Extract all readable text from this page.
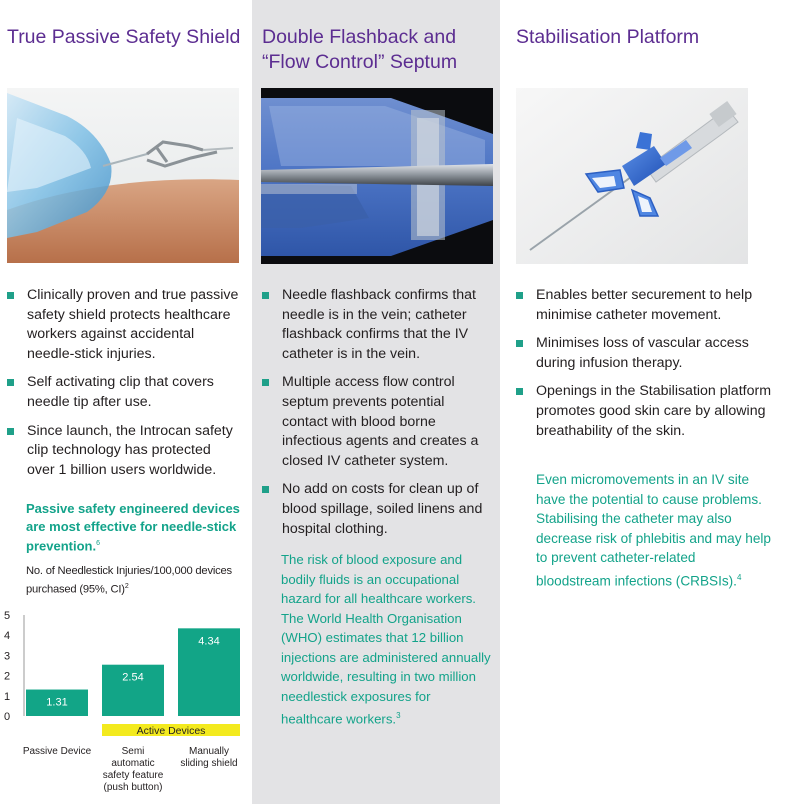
True Passive Safety Shield
Clinically proven and true passive safety shield protects healthcare workers against accidental needle-stick injuries.
Self activating clip that covers needle tip after use.
Since launch, the Introcan safety clip technology has protected over 1 billion users worldwide.

Passive safety engineered devices are most effective for needle-stick prevention.$^6$

No. of Needlestick Injuries/100,000 devices purchased (95%, CI)$^2$

0
1
2
3
4
5
1.31
2.54
4.34
Active Devices
Passive Device	Semi
automatic
safety feature
(push button)
Manually
sliding shield
Double Flashback and “Flow Control” Septum
Needle flashback confirms that needle is in the vein; catheter flashback confirms that the IV catheter is in the vein.
Multiple access flow control septum prevents potential contact with blood borne infectious agents and creates a closed IV catheter system.
No add on costs for clean up of blood spillage, soiled linens and hospital clothing.

The risk of blood exposure and bodily fluids is an occupational hazard for all healthcare workers. The World Health Organisation (WHO) estimates that 12 billion injections are administered annually worldwide, resulting in two million needlestick exposures for healthcare workers.$^3$

Stabilisation Platform
Enables better securement to help minimise catheter movement.
Minimises loss of vascular access during infusion therapy.
Openings in the Stabilisation platform promotes good skin care by allowing breathability of the skin.

Even micromovements in an IV site have the potential to cause problems. Stabilising the catheter may also decrease risk of phlebitis and may help to prevent catheter-related bloodstream infections (CRBSIs).$^4$
